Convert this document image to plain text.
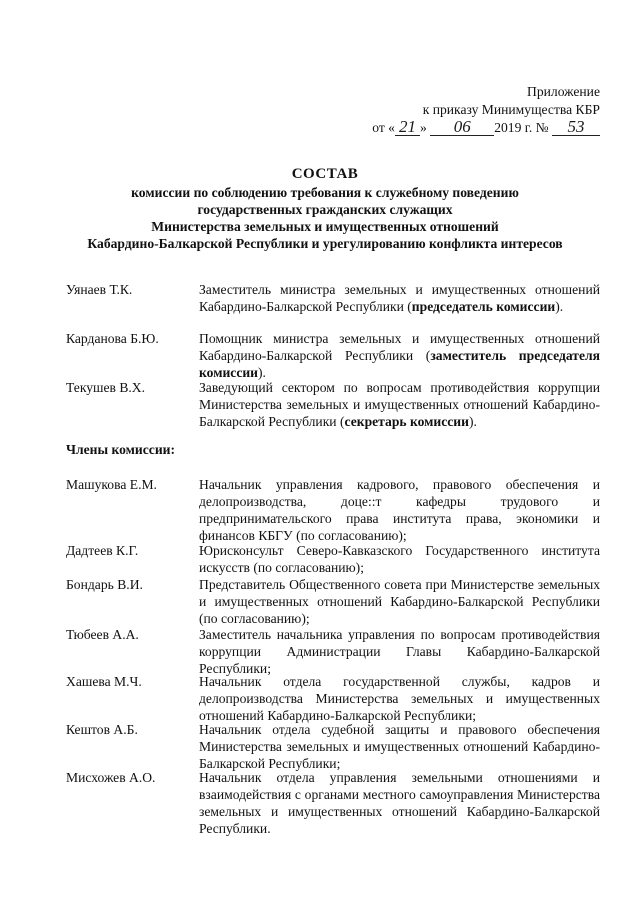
Приложение
к приказу Минимущества КБР
от « 21 » 06 2019 г. № 53
СОСТАВ
комиссии по соблюдению требования к служебному поведению
государственных гражданских служащих
Министерства земельных и имущественных отношений
Кабардино-Балкарской Республики и урегулированию конфликта интересов
Уянаев Т.К.	Заместитель министра земельных и имущественных отношений Кабардино-Балкарской Республики (председатель комиссии).
Карданова Б.Ю.	Помощник министра земельных и имущественных отношений Кабардино-Балкарской Республики (заместитель председателя комиссии).
Текушев В.Х.	Заведующий сектором по вопросам противодействия коррупции Министерства земельных и имущественных отношений Кабардино-Балкарской Республики (секретарь комиссии).
Члены комиссии:
Машукова Е.М.	Начальник управления кадрового, правового обеспечения и делопроизводства, доце::т кафедры трудового и предпринимательского права института права, экономики и финансов КБГУ (по согласованию);
Дадтеев К.Г.	Юрисконсульт Северо-Кавказского Государственного института искусств (по согласованию);
Бондарь В.И.	Представитель Общественного совета при Министерстве земельных и имущественных отношений Кабардино-Балкарской Республики (по согласованию);
Тюбеев А.А.	Заместитель начальника управления по вопросам противодействия коррупции Администрации Главы Кабардино-Балкарской Республики;
Хашева М.Ч.	Начальник отдела государственной службы, кадров и делопроизводства Министерства земельных и имущественных отношений Кабардино-Балкарской Республики;
Кештов А.Б.	Начальник отдела судебной защиты и правового обеспечения Министерства земельных и имущественных отношений Кабардино-Балкарской Республики;
Мисхожев А.О.	Начальник отдела управления земельными отношениями и взаимодействия с органами местного самоуправления Министерства земельных и имущественных отношений Кабардино-Балкарской Республики.
